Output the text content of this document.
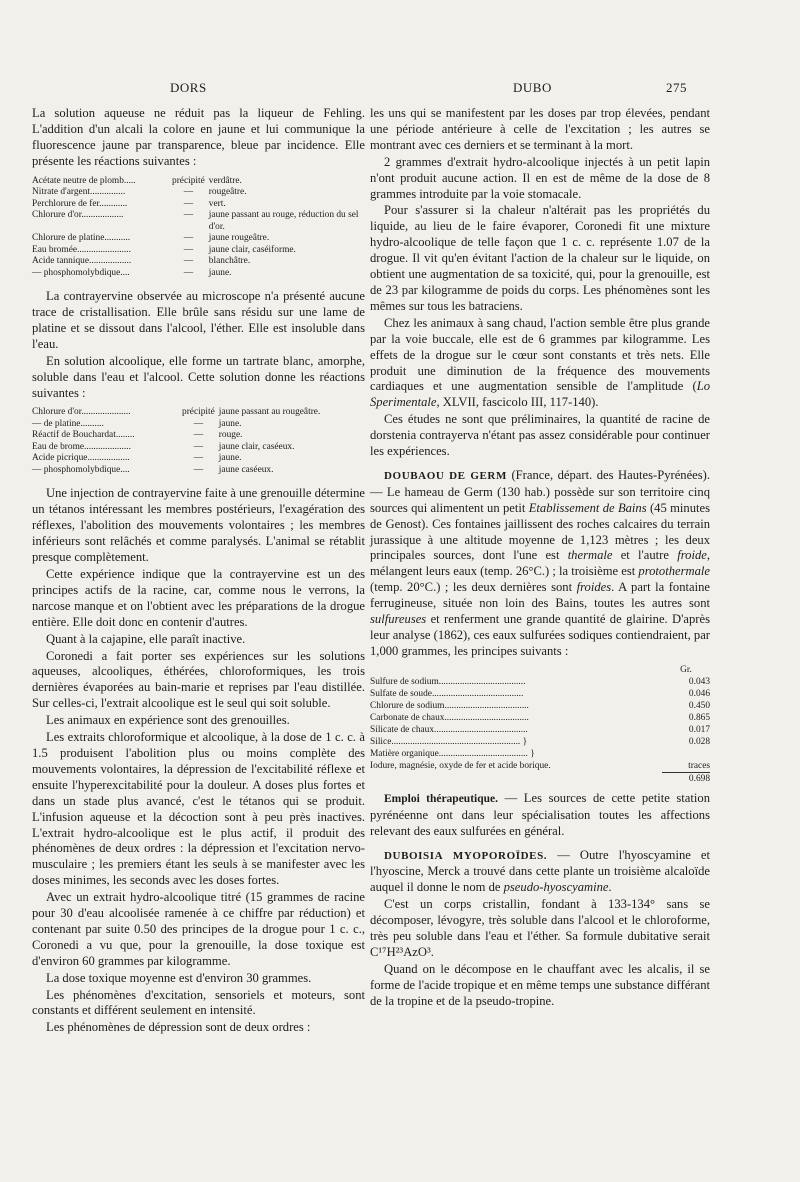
DORS	DUBO	275

La solution aqueuse ne réduit pas la liqueur de Fehling. L'addition d'un alcali la colore en jaune et lui communique la fluorescence jaune par transparence, bleue par incidence. Elle présente les réactions suivantes :

Acétate neutre de plomb.....	précipité	verdâtre.
Nitrate d'argent...............	—	rougeâtre.
Perchlorure de fer............	—	vert.
Chlorure d'or..................	—	jaune passant au rouge, réduction du sel d'or.
Chlorure de platine...........	—	jaune rougeâtre.
Eau bromée.......................	—	jaune clair, caséiforme.
Acide tannique..................	—	blanchâtre.
— phosphomolybdique....	—	jaune.

La contrayervine observée au microscope n'a présenté aucune trace de cristallisation. Elle brûle sans résidu sur une lame de platine et se dissout dans l'alcool, l'éther. Elle est insoluble dans l'eau.

En solution alcoolique, elle forme un tartrate blanc, amorphe, soluble dans l'eau et l'alcool. Cette solution donne les réactions suivantes :

Chlorure d'or.....................	précipité	jaune passant au rougeâtre.
— de platine..........	—	jaune.
Réactif de Bouchardat........	—	rouge.
Eau de brome....................	—	jaune clair, caséeux.
Acide picrique..................	—	jaune.
— phosphomolybdique....	—	jaune caséeux.

Une injection de contrayervine faite à une grenouille détermine un tétanos intéressant les membres postérieurs, l'exagération des réflexes, l'abolition des mouvements volontaires ; les membres inférieurs sont relâchés et comme paralysés. L'animal se rétablit presque complètement.

Cette expérience indique que la contrayervine est un des principes actifs de la racine, car, comme nous le verrons, la narcose manque et on l'obtient avec les préparations de la drogue entière. Elle doit donc en contenir d'autres.

Quant à la cajapine, elle paraît inactive.

Coronedi a fait porter ses expériences sur les solutions aqueuses, alcooliques, éthérées, chloroformiques, les trois dernières évaporées au bain-marie et reprises par l'eau distillée. Sur celles-ci, l'extrait alcoolique est le seul qui soit soluble.

Les animaux en expérience sont des grenouilles.

Les extraits chloroformique et alcoolique, à la dose de 1 c. c. à 1.5 produisent l'abolition plus ou moins complète des mouvements volontaires, la dépression de l'excitabilité réflexe et ensuite l'hyperexcitabilité pour la douleur. A doses plus fortes et dans un stade plus avancé, c'est le tétanos qui se produit. L'infusion aqueuse et la décoction sont à peu près inactives. L'extrait hydro-alcoolique est le plus actif, il produit des phénomènes de deux ordres : la dépression et l'excitation nervo-musculaire ; les premiers étant les seuls à se manifester avec les doses minimes, les seconds avec les doses fortes.

Avec un extrait hydro-alcoolique titré (15 grammes de racine pour 30 d'eau alcoolisée ramenée à ce chiffre par réduction) et contenant par suite 0.50 des principes de la drogue pour 1 c. c., Coronedi a vu que, pour la grenouille, la dose toxique est d'environ 60 grammes par kilogramme.

La dose toxique moyenne est d'environ 30 grammes.

Les phénomènes d'excitation, sensoriels et moteurs, sont constants et différent seulement en intensité.

Les phénomènes de dépression sont de deux ordres :

les uns qui se manifestent par les doses par trop élevées, pendant une période antérieure à celle de l'excitation ; les autres se montrant avec ces derniers et se terminant à la mort.

2 grammes d'extrait hydro-alcoolique injectés à un petit lapin n'ont produit aucune action. Il en est de même de la dose de 8 grammes introduite par la voie stomacale.

Pour s'assurer si la chaleur n'altérait pas les propriétés du liquide, au lieu de le faire évaporer, Coronedi fit une mixture hydro-alcoolique de telle façon que 1 c. c. représente 1.07 de la drogue. Il vit qu'en évitant l'action de la chaleur sur le liquide, on obtient une augmentation de sa toxicité, qui, pour la grenouille, est de 23 par kilogramme de poids du corps. Les phénomènes sont les mêmes sur tous les batraciens.

Chez les animaux à sang chaud, l'action semble être plus grande par la voie buccale, elle est de 6 grammes par kilogramme. Les effets de la drogue sur le cœur sont constants et très nets. Elle produit une diminution de la fréquence des mouvements cardiaques et une augmentation sensible de l'amplitude (Lo Sperimentale, XLVII, fascicolo III, 117-140).

Ces études ne sont que préliminaires, la quantité de racine de dorstenia contrayerva n'étant pas assez considérable pour continuer les expériences.

DOUBAOU DE GERM (France, départ. des Hautes-Pyrénées). — Le hameau de Germ (130 hab.) possède sur son territoire cinq sources qui alimentent un petit Etablissement de Bains (45 minutes de Genost). Ces fontaines jaillissent des roches calcaires du terrain jurassique à une altitude moyenne de 1,123 mètres ; les deux principales sources, dont l'une est thermale et l'autre froide, mélangent leurs eaux (temp. 26°C.) ; la troisième est protothermale (temp. 20°C.) ; les deux dernières sont froides. A part la fontaine ferrugineuse, située non loin des Bains, toutes les autres sont sulfureuses et renferment une grande quantité de glairine. D'après leur analyse (1862), ces eaux sulfurées sodiques contiendraient, par 1,000 grammes, les principes suivants :

	Gr.
Sulfure de sodium.....................................	0.043
Sulfate de soude.......................................	0.046
Chlorure de sodium....................................	0.450
Carbonate de chaux....................................	0.865
Silicate de chaux........................................	0.017
Silice....................................................... }	0.028
Matière organique...................................... }	
Iodure, magnésie, oxyde de fer et acide borique.	traces
	0.698

Emploi thérapeutique. — Les sources de cette petite station pyrénéenne ont dans leur spécialisation toutes les affections relevant des eaux sulfurées en général.

DUBOISIA MYOPOROÏDES. — Outre l'hyoscyamine et l'hyoscine, Merck a trouvé dans cette plante un troisième alcaloïde auquel il donne le nom de pseudo-hyoscyamine.

C'est un corps cristallin, fondant à 133-134° sans se décomposer, lévogyre, très soluble dans l'alcool et le chloroforme, très peu soluble dans l'eau et l'éther. Sa formule dubitative serait C¹⁷H²³AzO³.

Quand on le décompose en le chauffant avec les alcalis, il se forme de l'acide tropique et en même temps une substance différant de la tropine et de la pseudo-tropine.
